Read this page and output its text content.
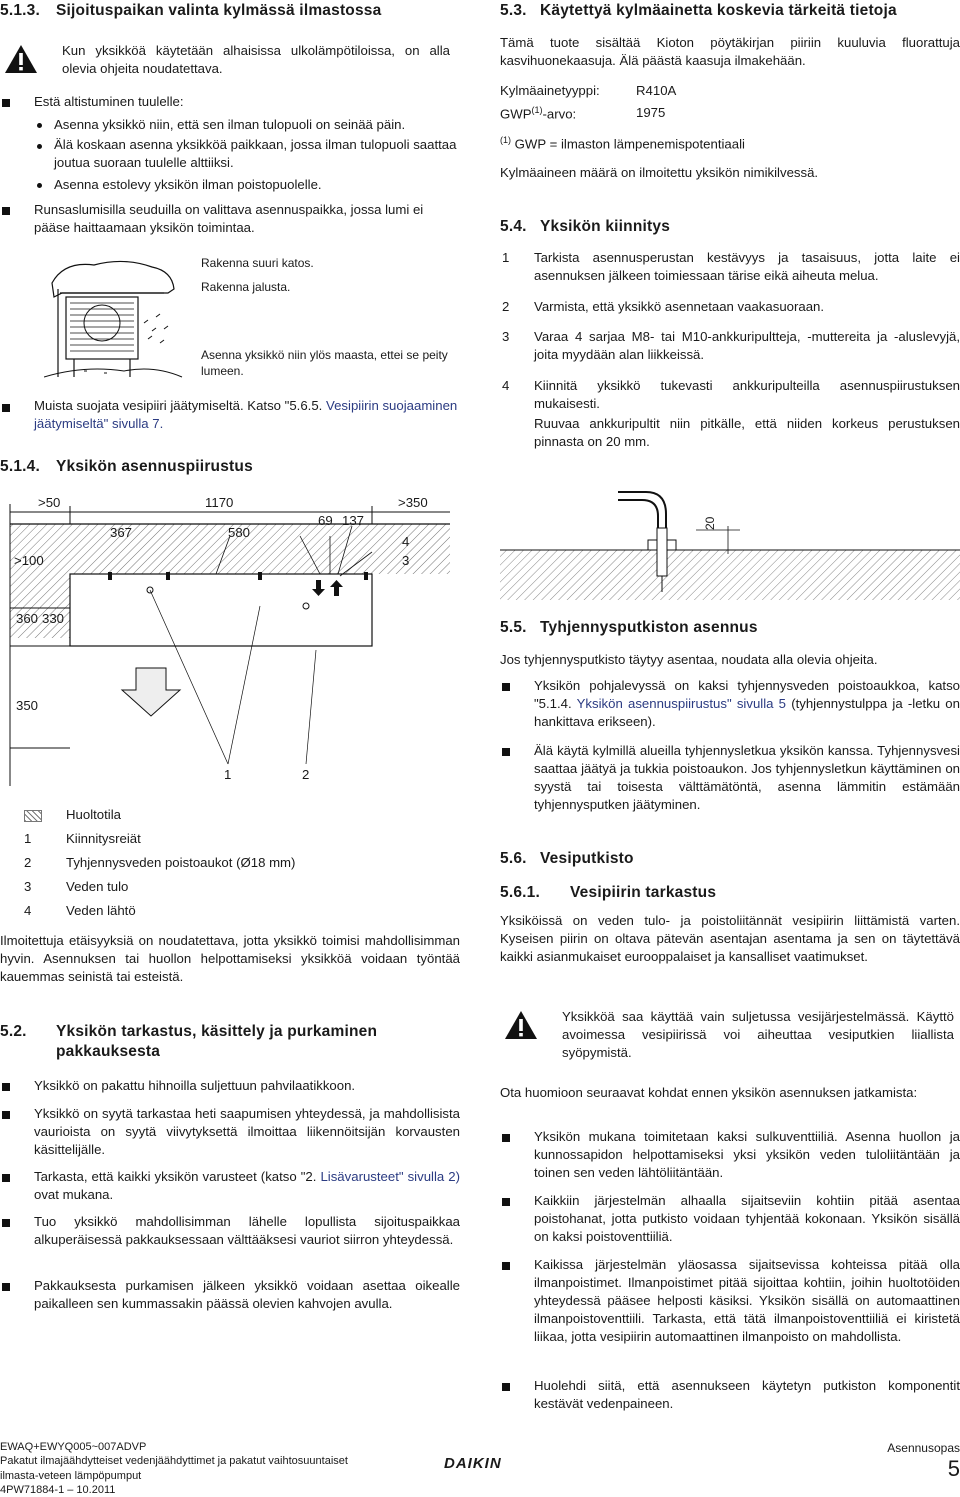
5.1.3. Sijoituspaikan valinta kylmässä ilmastossa
Kun yksikköä käytetään alhaisissa ulkolämpötiloissa, on alla olevia ohjeita noudatettava.
Estä altistuminen tuulelle:
Asenna yksikkö niin, että sen ilman tulopuoli on seinää päin.
Älä koskaan asenna yksikköä paikkaan, jossa ilman tulopuoli saattaa joutua suoraan tuulelle alttiiksi.
Asenna estolevy yksikön ilman poistopuolelle.
Runsaslumisilla seuduilla on valittava asennuspaikka, jossa lumi ei pääse haittaamaan yksikön toimintaa.
Rakenna suuri katos.
Rakenna jalusta.
Asenna yksikkö niin ylös maasta, ettei se peity lumeen.
Muista suojata vesipiiri jäätymiseltä. Katso "5.6.5. Vesipiirin suojaaminen jäätymiseltä" sivulla 7.
5.1.4. Yksikön asennuspiirustus
>50	1170	>350
69 137
367	580
>100
4
3
360 330
350
1	2
Huoltotila
1	Kiinnitysreiät
2	Tyhjennysveden poistoaukot (Ø18 mm)
3	Veden tulo
4	Veden lähtö
Ilmoitettuja etäisyyksiä on noudatettava, jotta yksikkö toimisi mahdollisimman hyvin. Asennuksen tai huollon helpottamiseksi yksikköä voidaan työntää kauemmas seinistä tai esteistä.
5.2. Yksikön tarkastus, käsittely ja purkaminen pakkauksesta
Yksikkö on pakattu hihnoilla suljettuun pahvilaatikkoon.
Yksikkö on syytä tarkastaa heti saapumisen yhteydessä, ja mahdollisista vaurioista on syytä viivytyksettä ilmoittaa liikennöitsijän korvausten käsittelijälle.
Tarkasta, että kaikki yksikön varusteet (katso "2. Lisävarusteet" sivulla 2) ovat mukana.
Tuo yksikkö mahdollisimman lähelle lopullista sijoituspaikkaa alkuperäisessä pakkauksessaan välttääksesi vauriot siirron yhteydessä.
Pakkauksesta purkamisen jälkeen yksikkö voidaan asettaa oikealle paikalleen sen kummassakin päässä olevien kahvojen avulla.
5.3. Käytettyä kylmäainetta koskevia tärkeitä tietoja
Tämä tuote sisältää Kioton pöytäkirjan piiriin kuuluvia fluorattuja kasvihuonekaasuja. Älä päästä kaasuja ilmakehään.
Kylmäainetyyppi:	R410A
GWP$^{(1)}$-arvo:	1975
$^{(1)}$ GWP = ilmaston lämpenemispotentiaali
Kylmäaineen määrä on ilmoitettu yksikön nimikilvessä.
5.4. Yksikön kiinnitys
1 Tarkista asennusperustan kestävyys ja tasaisuus, jotta laite ei asennuksen jälkeen toimiessaan tärise eikä aiheuta melua.
2 Varmista, että yksikkö asennetaan vaakasuoraan.
3 Varaa 4 sarjaa M8- tai M10-ankkuripultteja, -muttereita ja -aluslevyjä, joita myydään alan liikkeissä.
4 Kiinnitä yksikkö tukevasti ankkuripulteilla asennuspiirustuksen mukaisesti.
Ruuvaa ankkuripultit niin pitkälle, että niiden korkeus perustuksen pinnasta on 20 mm.
20
5.5. Tyhjennysputkiston asennus
Jos tyhjennysputkisto täytyy asentaa, noudata alla olevia ohjeita.
Yksikön pohjalevyssä on kaksi tyhjennysveden poistoaukkoa, katso "5.1.4. Yksikön asennuspiirustus" sivulla 5 (tyhjennystulppa ja -letku on hankittava erikseen).
Älä käytä kylmillä alueilla tyhjennysletkua yksikön kanssa. Tyhjennysvesi saattaa jäätyä ja tukkia poistoaukon. Jos tyhjennysletkun käyttäminen on syystä tai toisesta välttämätöntä, asenna lämmitin estämään tyhjennysputken jäätyminen.
5.6. Vesiputkisto
5.6.1. Vesipiirin tarkastus
Yksiköissä on veden tulo- ja poistoliitännät vesipiirin liittämistä varten. Kyseisen piirin on oltava pätevän asentajan asentama ja sen on täytettävä kaikki asianmukaiset eurooppalaiset ja kansalliset vaatimukset.
Yksikköä saa käyttää vain suljetussa vesijärjestelmässä. Käyttö avoimessa vesipiirissä voi aiheuttaa vesiputkien liiallista syöpymistä.
Ota huomioon seuraavat kohdat ennen yksikön asennuksen jatkamista:
Yksikön mukana toimitetaan kaksi sulkuventtiiliä. Asenna huollon ja kunnossapidon helpottamiseksi yksi yksikön veden tuloliitäntään ja toinen sen veden lähtöliitäntään.
Kaikkiin järjestelmän alhaalla sijaitseviin kohtiin pitää asentaa poistohanat, jotta putkisto voidaan tyhjentää kokonaan. Yksikön sisällä on kaksi poistoventtiiliä.
Kaikissa järjestelmän yläosassa sijaitsevissa kohteissa pitää olla ilmanpoistimet. Ilmanpoistimet pitää sijoittaa kohtiin, joihin huoltotöiden yhteydessä pääsee helposti käsiksi. Yksikön sisällä on automaattinen ilmanpoistoventtiili. Tarkasta, että tätä ilmanpoistoventtiiliä ei kiristetä liikaa, jotta vesipiirin automaattinen ilmanpoisto on mahdollista.
Huolehdi siitä, että asennukseen käytetyn putkiston komponentit kestävät vedenpaineen.
EWAQ+EWYQ005~007ADVP
Pakatut ilmajäähdytteiset vedenjäähdyttimet ja pakatut vaihtosuuntaiset
ilmasta-veteen lämpöpumput
4PW71884-1 – 10.2011
DAIKIN
Asennusopas
5
